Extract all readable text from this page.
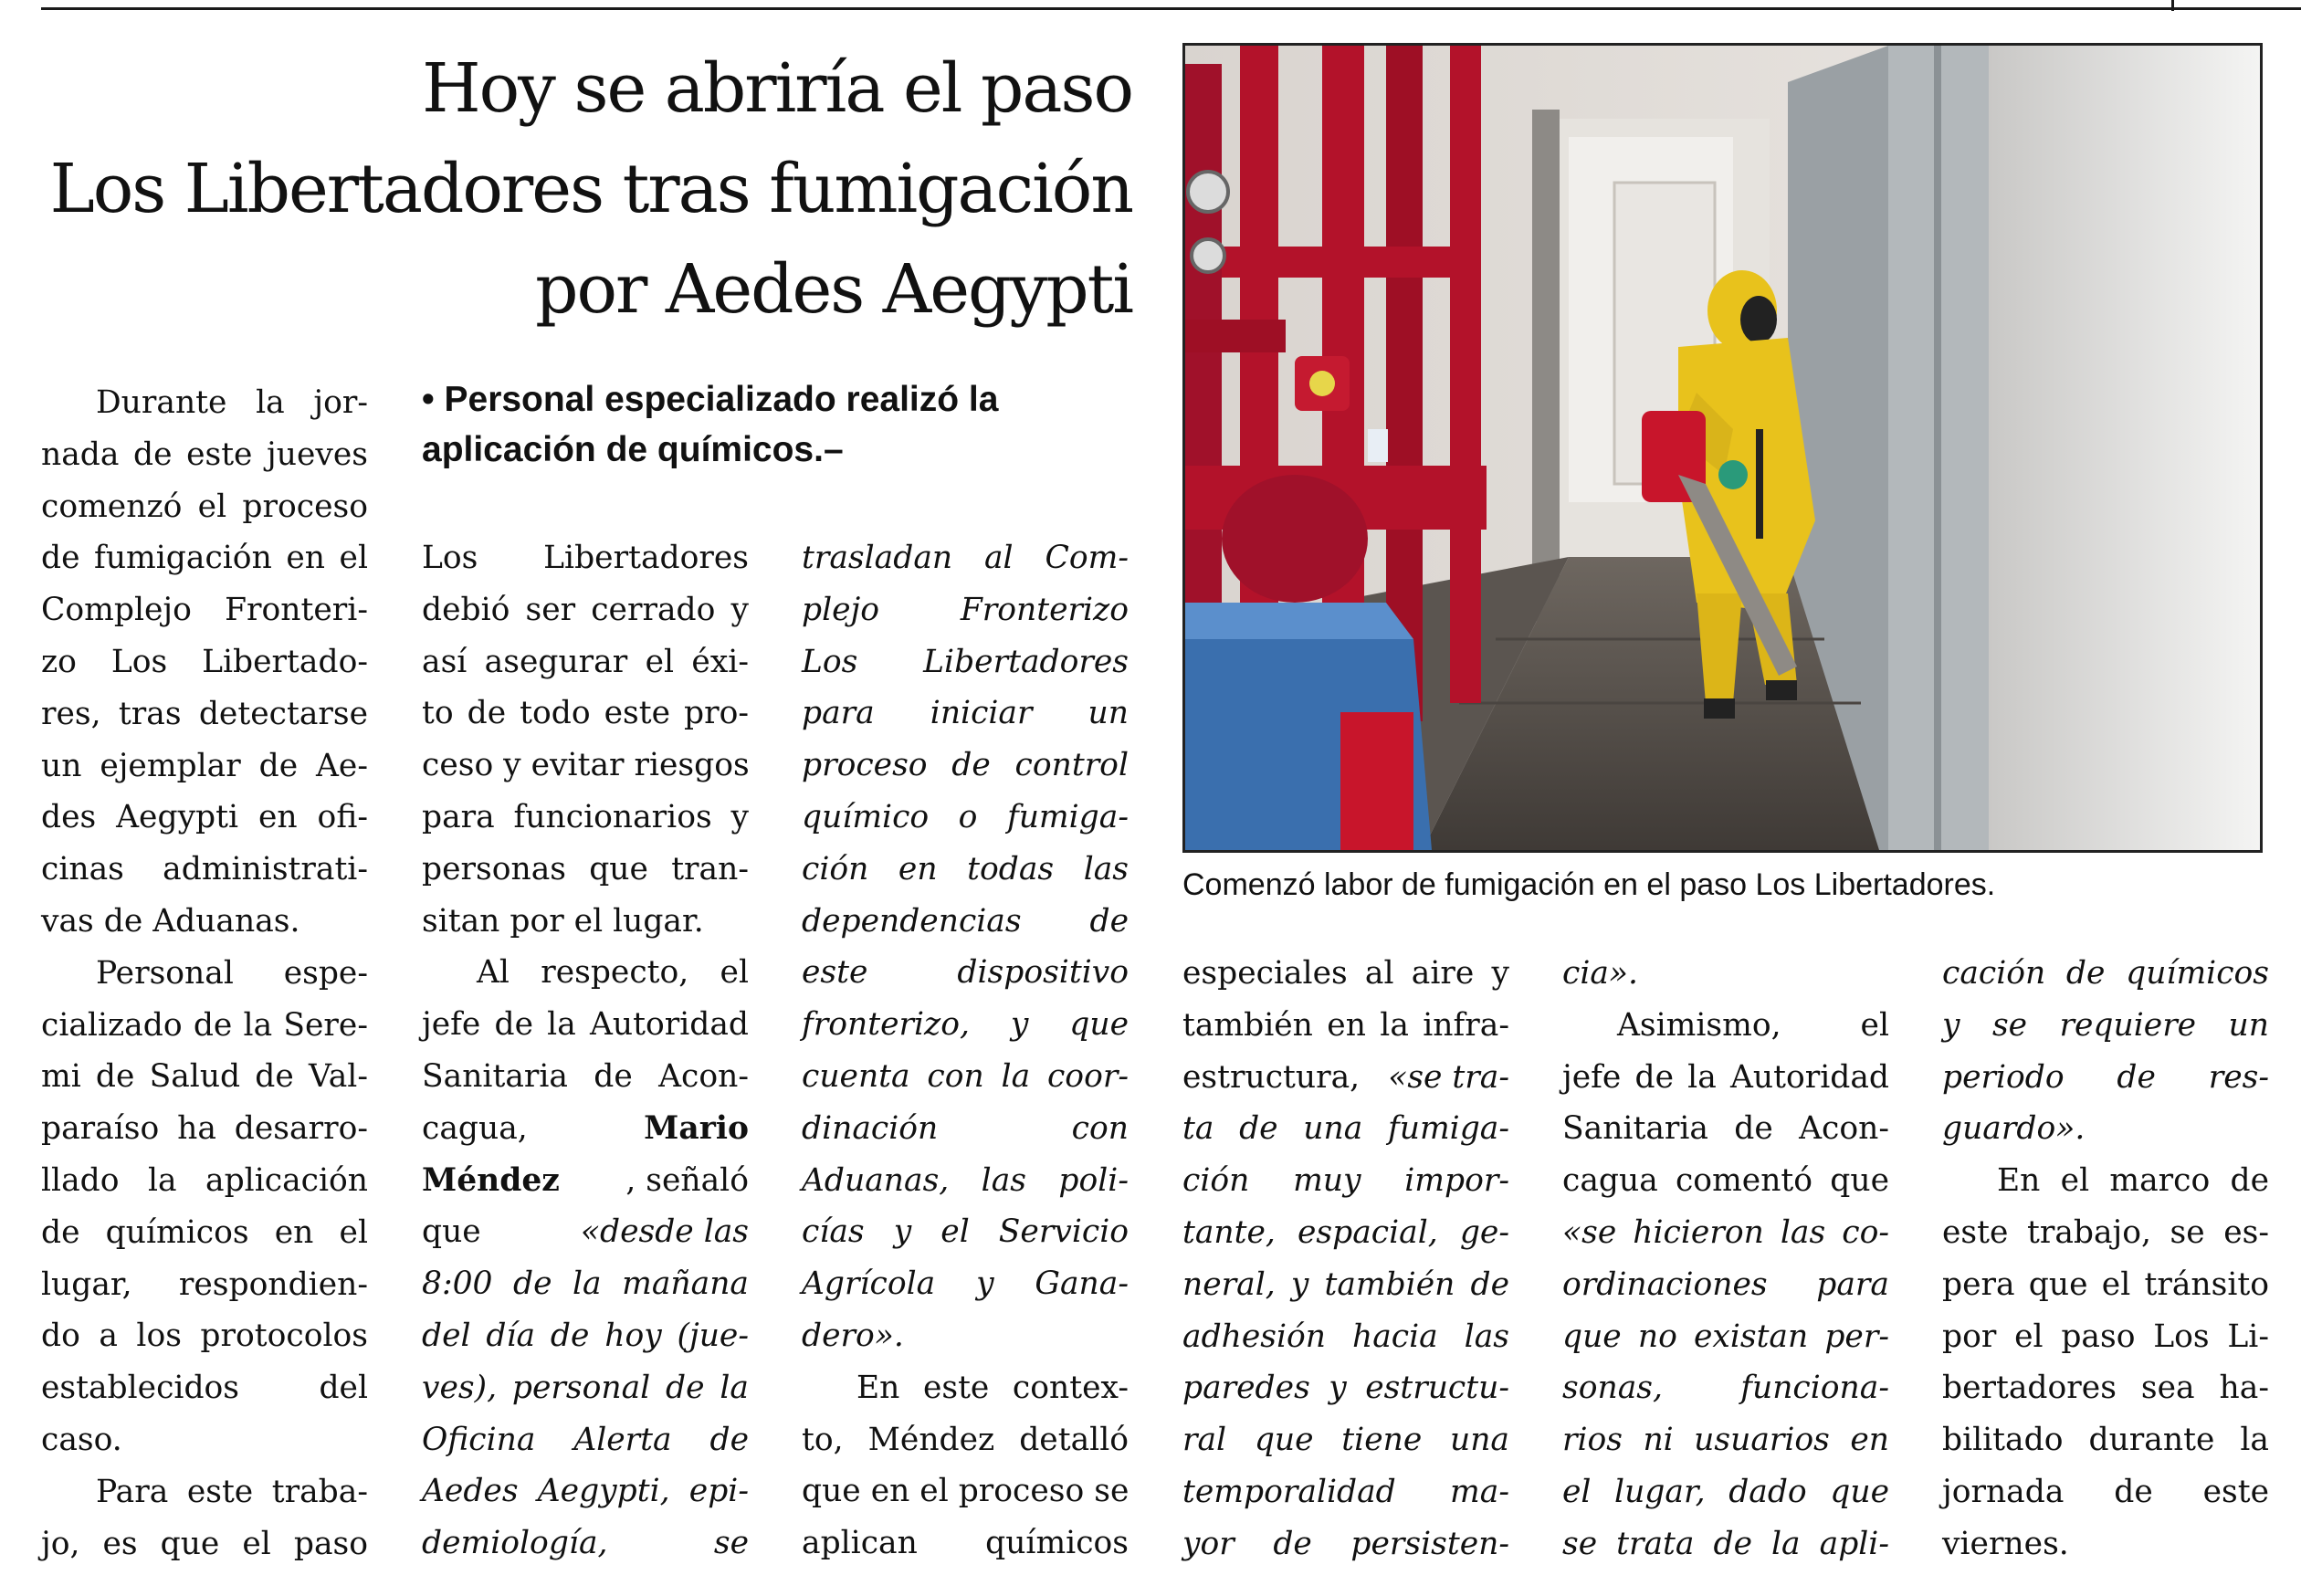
Hoy se abriría el paso
Los Libertadores tras fumigación
por Aedes Aegypti

• Personal especializado realizó la aplicación de químicos.–

Durante la jor-
nada de este jueves
comenzó el proceso
de fumigación en el
Complejo Fronteri-
zo Los Libertado-
res, tras detectarse
un ejemplar de Ae-
des Aegypti en ofi-
cinas administrati-
vas de Aduanas.
Personal espe-
cializado de la Sere-
mi de Salud de Val-
paraíso ha desarro-
llado la aplicación
de químicos en el
lugar, respondien-
do a los protocolos
establecidos del
caso.
Para este traba-
jo, es que el paso
Los Libertadores
debió ser cerrado y
así asegurar el éxi-
to de todo este pro-
ceso y evitar riesgos
para funcionarios y
personas que tran-
sitan por el lugar.
Al respecto, el
jefe de la Autoridad
Sanitaria de Acon-
cagua,	Mario
Méndez , señaló
que	«desde las
8:00 de la mañana
del día de hoy (jue-
ves), personal de la
Oficina Alerta de
Aedes Aegypti, epi-
demiología,	se
trasladan al Com-
plejo Fronterizo
Los Libertadores
para iniciar un
proceso de control
químico o fumiga-
ción en todas las
dependencias de
este dispositivo
fronterizo, y que
cuenta con la coor-
dinación con
Aduanas, las poli-
cías y el Servicio
Agrícola y Gana-
dero».
En este contex-
to, Méndez detalló
que en el proceso se
aplican químicos
especiales al aire y
también en la infra-
estructura, «se tra-
ta de una fumiga-
ción muy impor-
tante, espacial, ge-
neral, y también de
adhesión hacia las
paredes y estructu-
ral que tiene una
temporalidad ma-
yor de persisten-
cia».
Asimismo, el
jefe de la Autoridad
Sanitaria de Acon-
cagua comentó que
«se hicieron las co-
ordinaciones para
que no existan per-
sonas, funciona-
rios ni usuarios en
el lugar, dado que
se trata de la apli-
cación de químicos
y se requiere un
periodo de res-
guardo».
En el marco de
este trabajo, se es-
pera que el tránsito
por el paso Los Li-
bertadores sea ha-
bilitado durante la
jornada de este
viernes.
Comenzó labor de fumigación en el paso Los Libertadores.
